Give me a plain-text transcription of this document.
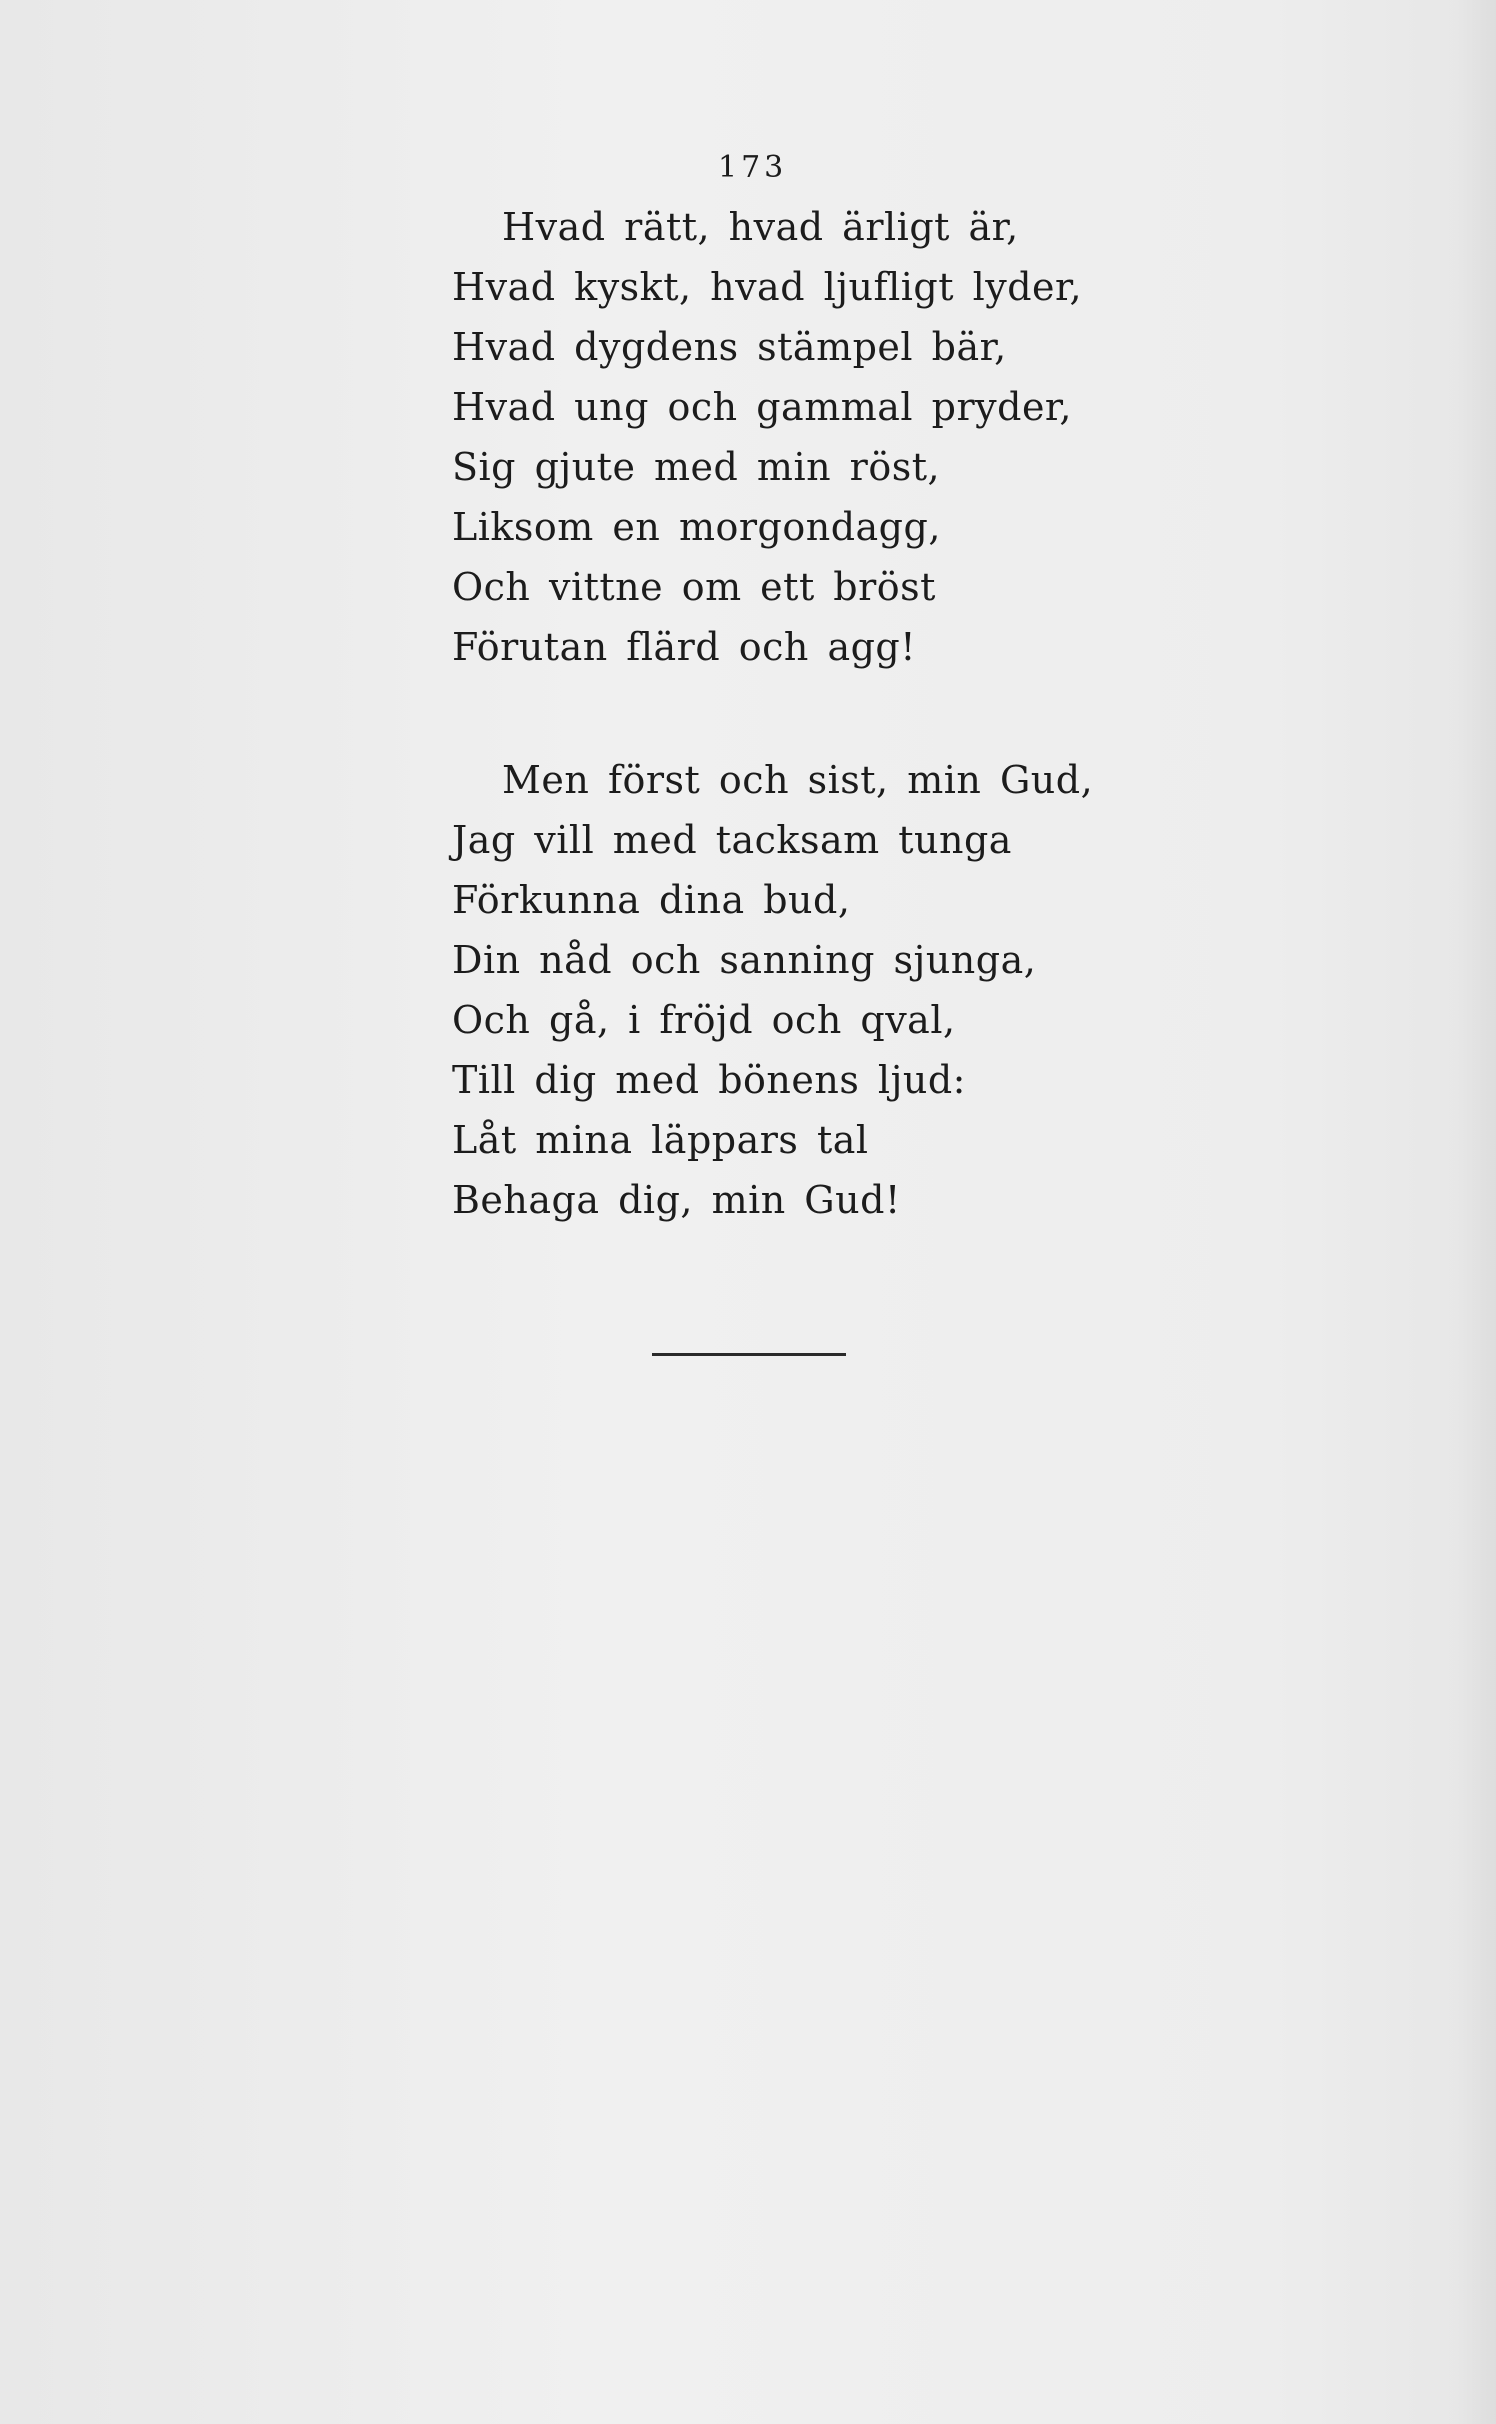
173
Hvad rätt, hvad ärligt är,
Hvad kyskt, hvad ljufligt lyder,
Hvad dygdens stämpel bär,
Hvad ung och gammal pryder,
Sig gjute med min röst,
Liksom en morgondagg,
Och vittne om ett bröst
Förutan flärd och agg!
Men först och sist, min Gud,
Jag vill med tacksam tunga
Förkunna dina bud,
Din nåd och sanning sjunga,
Och gå, i fröjd och qval,
Till dig med bönens ljud:
Låt mina läppars tal
Behaga dig, min Gud!
